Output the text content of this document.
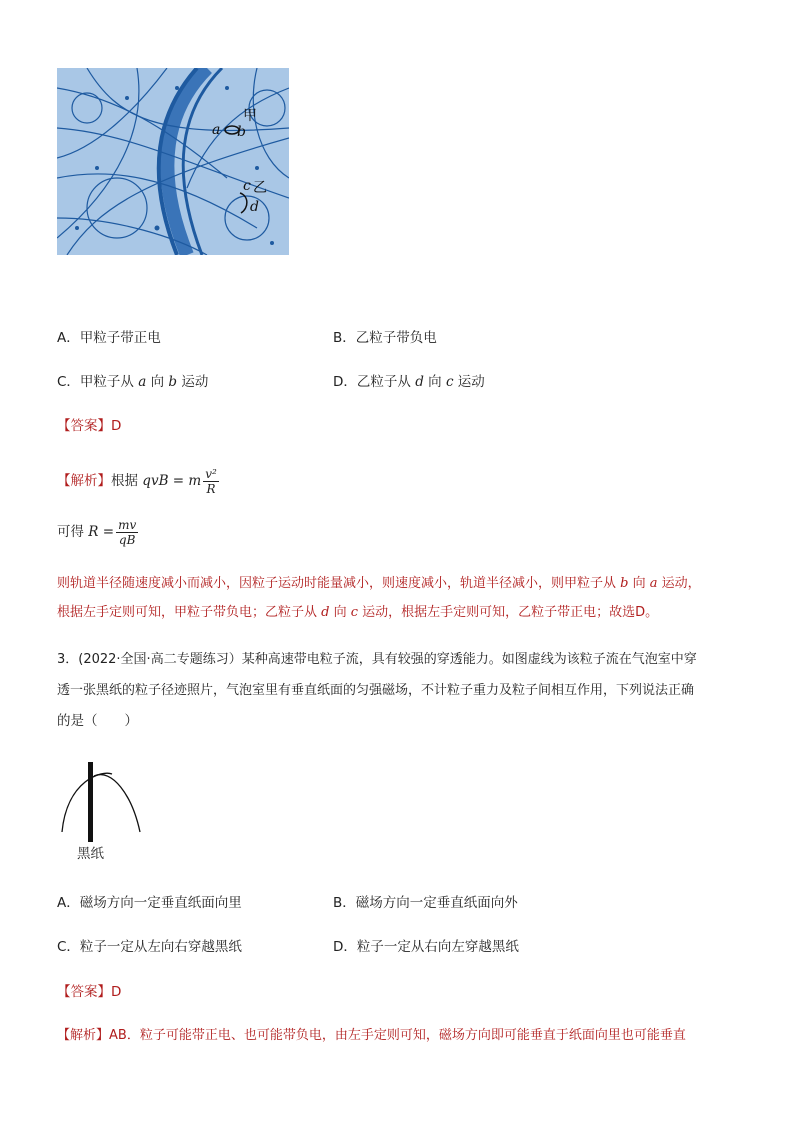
甲
a b
c 乙
d
A．甲粒子带正电	B．乙粒子带负电
C．甲粒子从 a 向 b 运动	D．乙粒子从 d 向 c 运动
【答案】D
【解析】根据 qvB = m $\frac{\text{v²}}{R}$
可得 $R = \frac{mv}{qB}$
则轨道半径随速度减小而减小，因粒子运动时能量减小，则速度减小，轨道半径减小，则甲粒子从 b 向 a 运动，
根据左手定则可知，甲粒子带负电；乙粒子从 d 向 c 运动，根据左手定则可知，乙粒子带正电；故选D。
3．(2022·全国·高二专题练习）某种高速带电粒子流，具有较强的穿透能力。如图虚线为该粒子流在气泡室中穿
透一张黑纸的粒子径迹照片，气泡室里有垂直纸面的匀强磁场，不计粒子重力及粒子间相互作用，下列说法正确
的是（　　）
黑纸
A．磁场方向一定垂直纸面向里	B．磁场方向一定垂直纸面向外
C．粒子一定从左向右穿越黑纸	D．粒子一定从右向左穿越黑纸
【答案】D
【解析】AB．粒子可能带正电、也可能带负电，由左手定则可知，磁场方向即可能垂直于纸面向里也可能垂直
